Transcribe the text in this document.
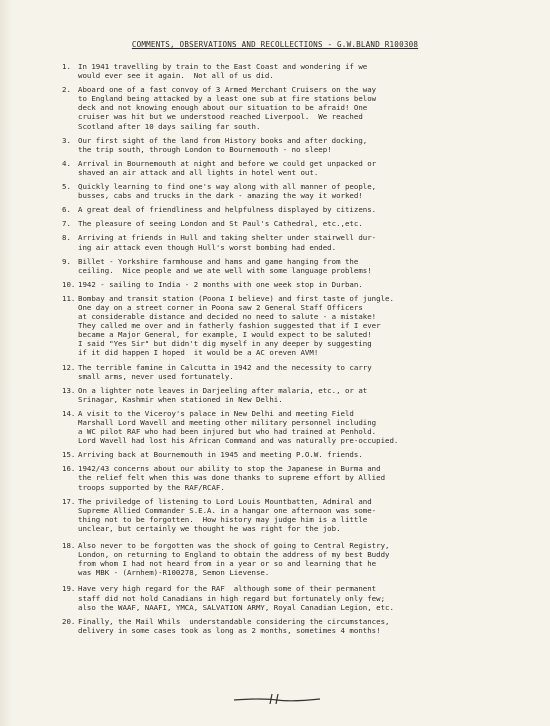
COMMENTS, OBSERVATIONS AND RECOLLECTIONS - G.W.BLAND R100308
1. In 1941 travelling by train to the East Coast and wondering if we
would ever see it again.  Not all of us did.
2. Aboard one of a fast convoy of 3 Armed Merchant Cruisers on the way
to England being attacked by a least one sub at fire stations below
deck and not knowing enough about our situation to be afraid! One
cruiser was hit but we understood reached Liverpool.  We reached
Scotland after 10 days sailing far south.
3. Our first sight of the land from History books and after docking,
the trip south, through London to Bournemouth - no sleep!
4. Arrival in Bournemouth at night and before we could get unpacked or
shaved an air attack and all lights in hotel went out.
5. Quickly learning to find one's way along with all manner of people,
busses, cabs and trucks in the dark - amazing the way it worked!
6. A great deal of friendliness and helpfulness displayed by citizens.
7. The pleasure of seeing London and St Paul's Cathedral, etc.,etc.
8. Arriving at friends in Hull and taking shelter under stairwell dur-
ing air attack even though Hull's worst bombing had ended.
9. Billet - Yorkshire farmhouse and hams and game hanging from the
ceiling.  Nice people and we ate well with some language problems!
10. 1942 - sailing to India - 2 months with one week stop in Durban.
11. Bombay and transit station (Poona I believe) and first taste of jungle.
One day on a street corner in Poona saw 2 General Staff Officers
at considerable distance and decided no need to salute - a mistake!
They called me over and in fatherly fashion suggested that if I ever
became a Major General, for example, I would expect to be saluted!
I said "Yes Sir" but didn't dig myself in any deeper by suggesting
if it did happen I hoped  it would be a AC oreven AVM!
12. The terrible famine in Calcutta in 1942 and the necessity to carry
small arms, never used fortunately.
13. On a lighter note leaves in Darjeeling after malaria, etc., or at
Srinagar, Kashmir when stationed in New Delhi.
14. A visit to the Viceroy's palace in New Delhi and meeting Field
Marshall Lord Wavell and meeting other military personnel including
a WC pilot RAF who had been injured but who had trained at Penhold.
Lord Wavell had lost his African Command and was naturally pre-occupied.
15. Arriving back at Bournemouth in 1945 and meeting P.O.W. friends.
16. 1942/43 concerns about our ability to stop the Japanese in Burma and
the relief felt when this was done thanks to supreme effort by Allied
troops supported by the RAF/RCAF.
17. The priviledge of listening to Lord Louis Mountbatten, Admiral and
Supreme Allied Commander S.E.A. in a hangar one afternoon was some-
thing not to be forgotten.  How history may judge him is a little
unclear, but certainly we thought he was right for the job.
18. Also never to be forgotten was the shock of going to Central Registry,
London, on returning to England to obtain the address of my best Buddy
from whom I had not heard from in a year or so and learning that he
was MBK - (Arnhem)-R100278, Semon Lievense.
19. Have very high regard for the RAF  although some of their permanent
staff did not hold Canadians in high regard but fortunately only few;
also the WAAF, NAAFI, YMCA, SALVATION ARMY, Royal Canadian Legion, etc.
20. Finally, the Mail Whils  understandable considering the circumstances,
delivery in some cases took as long as 2 months, sometimes 4 months!
